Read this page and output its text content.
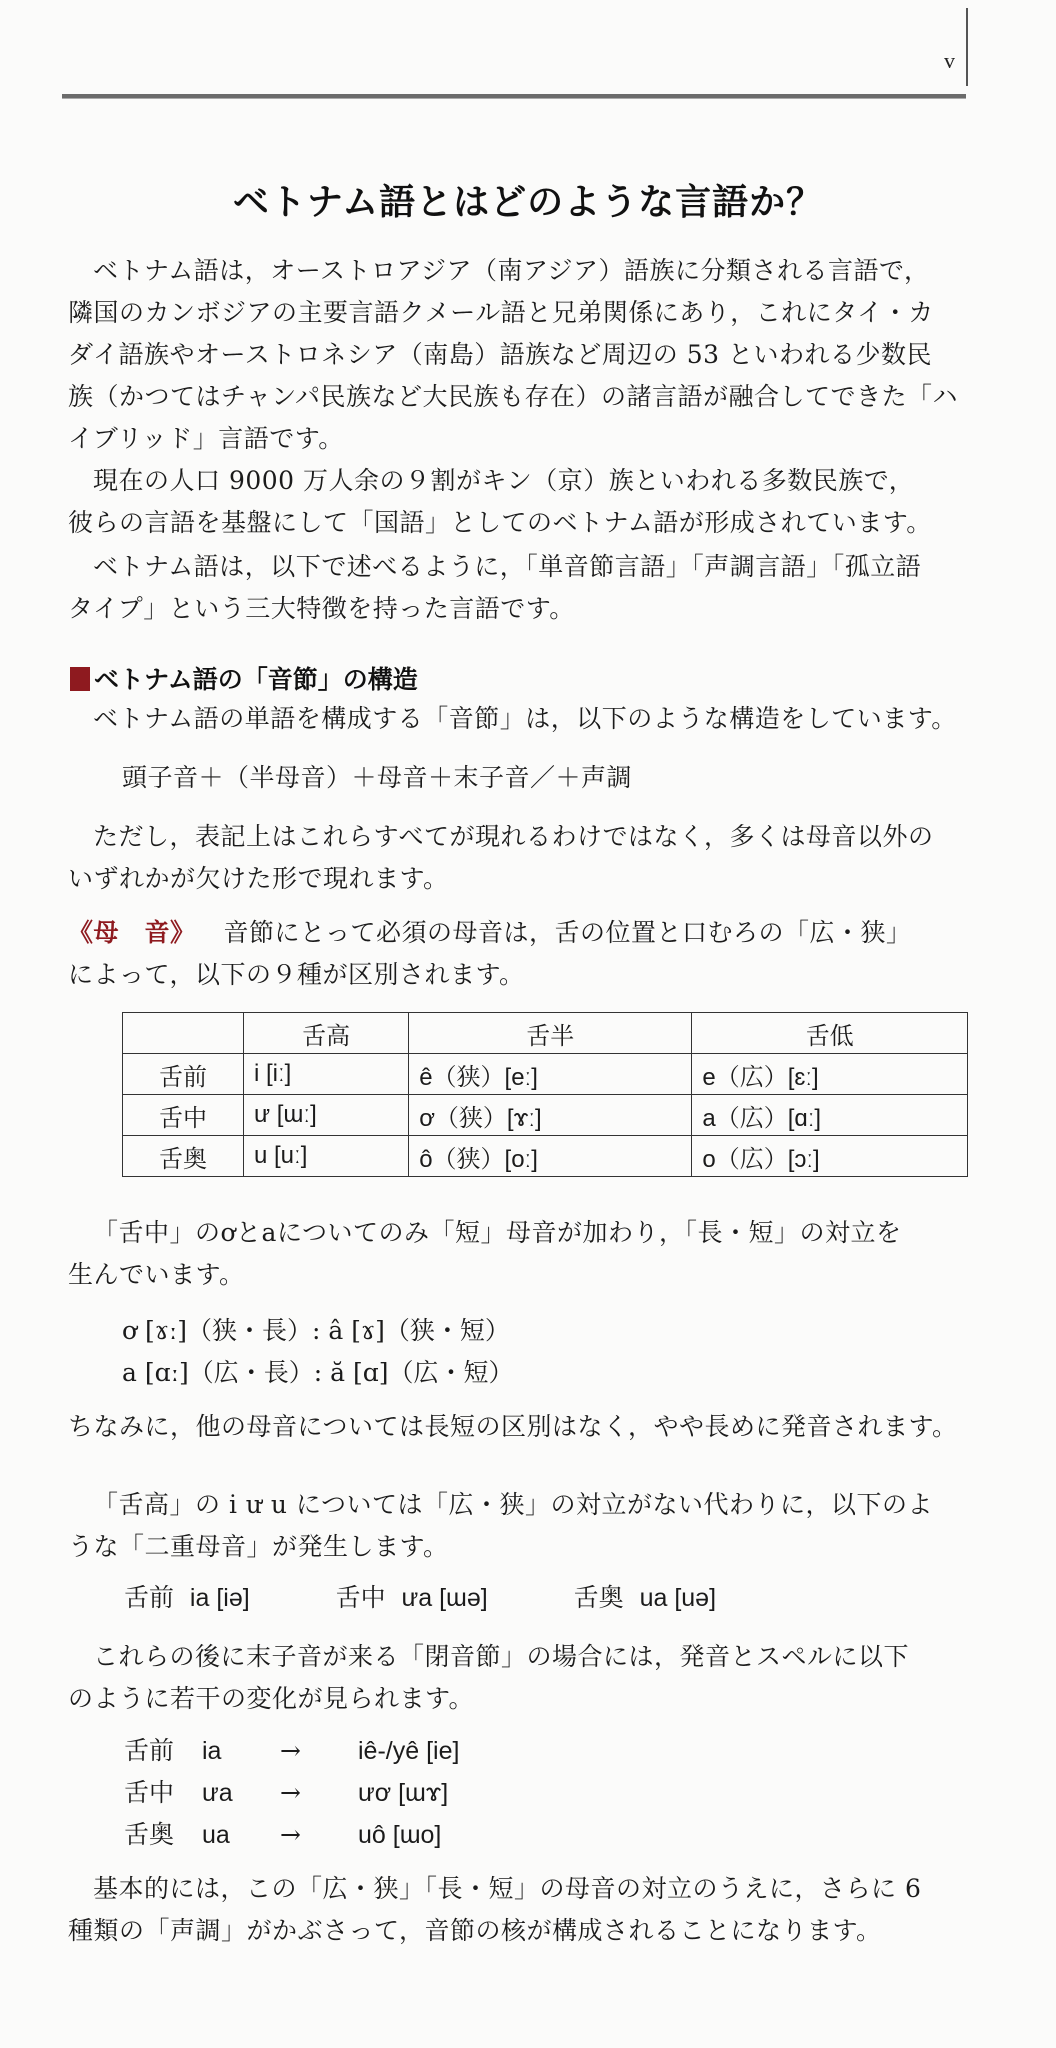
v
ベトナム語とはどのような言語か？
ベトナム語は，オーストロアジア（南アジア）語族に分類される言語で，
隣国のカンボジアの主要言語クメール語と兄弟関係にあり，これにタイ・カ
ダイ語族やオーストロネシア（南島）語族など周辺の 53 といわれる少数民
族（かつてはチャンパ民族など大民族も存在）の諸言語が融合してできた「ハ
イブリッド」言語です。
現在の人口 9000 万人余の９割がキン（京）族といわれる多数民族で，
彼らの言語を基盤にして「国語」としてのベトナム語が形成されています。
ベトナム語は，以下で述べるように，「単音節言語」「声調言語」「孤立語
タイプ」という三大特徴を持った言語です。
ベトナム語の「音節」の構造
ベトナム語の単語を構成する「音節」は，以下のような構造をしています。
頭子音＋（半母音）＋母音＋末子音／＋声調
ただし，表記上はこれらすべてが現れるわけではなく，多くは母音以外の
いずれかが欠けた形で現れます。
《母　音》 音節にとって必須の母音は，舌の位置と口むろの「広・狭」
によって，以下の９種が区別されます。
	舌高	舌半	舌低
舌前	i [iː]	ê（狭）[eː]	e（広）[ɛː]
舌中	ư [ɯː]	ơ（狭）[ɤː]	a（広）[ɑː]
舌奥	u [uː]	ô（狭）[oː]	o（広）[ɔː]
「舌中」のơとaについてのみ「短」母音が加わり，「長・短」の対立を
生んでいます。
ơ [ɤː]（狭・長）: â [ɤ]（狭・短）
a [ɑː]（広・長）: ă [ɑ]（広・短）
ちなみに，他の母音については長短の区別はなく，やや長めに発音されます。
「舌高」の i ư u については「広・狭」の対立がない代わりに，以下のよ
うな「二重母音」が発生します。
舌前 ia [iə]	舌中 ưa [ɯə]	舌奥 ua [uə]
これらの後に末子音が来る「閉音節」の場合には，発音とスペルに以下
のように若干の変化が見られます。
舌前 ia → iê-/yê [ie]
舌中 ưa → ươ [ɯɤ]
舌奥 ua → uô [ɯo]
基本的には，この「広・狭」「長・短」の母音の対立のうえに，さらに 6
種類の「声調」がかぶさって，音節の核が構成されることになります。
